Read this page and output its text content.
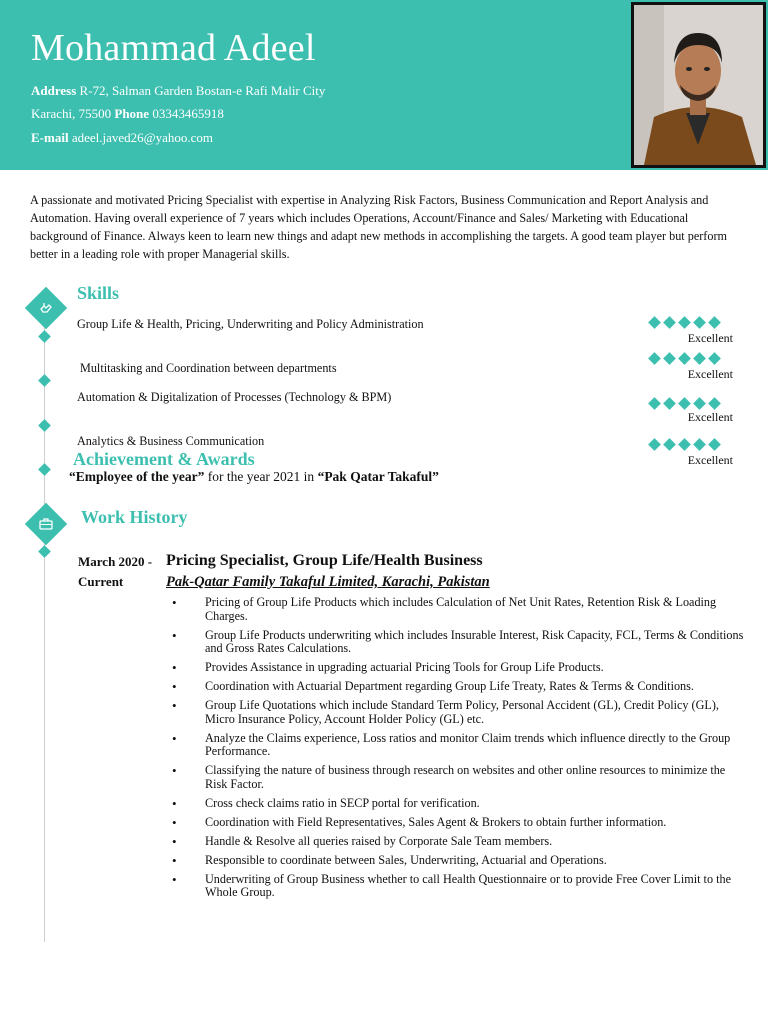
Mohammad Adeel
Address R-72, Salman Garden Bostan-e Rafi Malir City
Karachi, 75500 Phone 03343465918
E-mail adeel.javed26@yahoo.com
A passionate and motivated Pricing Specialist with expertise in Analyzing Risk Factors, Business Communication and Report Analysis and Automation. Having overall experience of 7 years which includes Operations, Account/Finance and Sales/ Marketing with Educational background of Finance. Always keen to learn new things and adapt new methods in accomplishing the targets. A good team player but perform better in a leading role with proper Managerial skills.
Skills
Group Life & Health, Pricing, Underwriting and Policy Administration
Excellent
Multitasking and Coordination between departments	Excellent
Automation & Digitalization of Processes (Technology & BPM)
Excellent
Analytics & Business Communication
Excellent
Achievement & Awards
“Employee of the year” for the year 2021 in “Pak Qatar Takaful”
Work History
March 2020 - Pricing Specialist, Group Life/Health Business
Current	Pak-Qatar Family Takaful Limited, Karachi, Pakistan
• Pricing of Group Life Products which includes Calculation of Net Unit Rates, Retention Risk & Loading Charges.
• Group Life Products underwriting which includes Insurable Interest, Risk Capacity, FCL, Terms & Conditions and Gross Rates Calculations.
• Provides Assistance in upgrading actuarial Pricing Tools for Group Life Products.
• Coordination with Actuarial Department regarding Group Life Treaty, Rates & Terms & Conditions.
• Group Life Quotations which include Standard Term Policy, Personal Accident (GL), Credit Policy (GL), Micro Insurance Policy, Account Holder Policy (GL) etc.
• Analyze the Claims experience, Loss ratios and monitor Claim trends which influence directly to the Group Performance.
• Classifying the nature of business through research on websites and other online resources to minimize the Risk Factor.
• Cross check claims ratio in SECP portal for verification.
• Coordination with Field Representatives, Sales Agent & Brokers to obtain further information.
• Handle & Resolve all queries raised by Corporate Sale Team members.
• Responsible to coordinate between Sales, Underwriting, Actuarial and Operations.
• Underwriting of Group Business whether to call Health Questionnaire or to provide Free Cover Limit to the Whole Group.
